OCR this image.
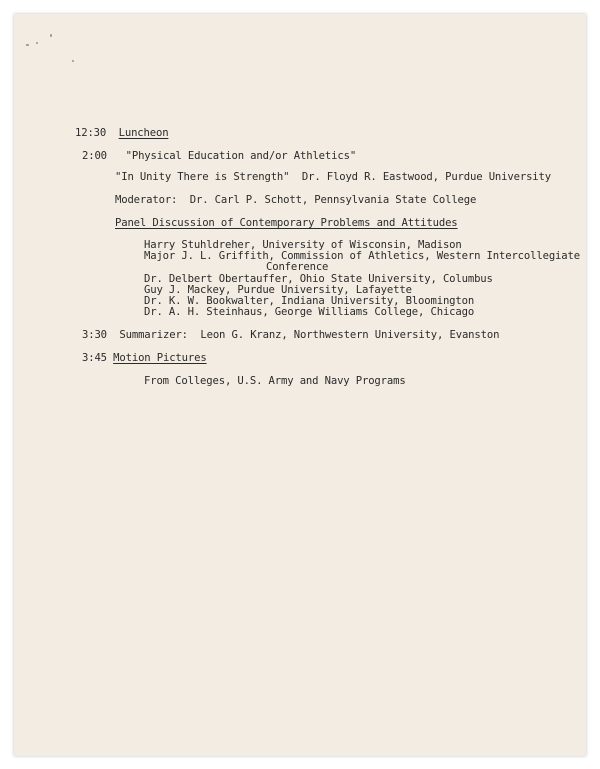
12:30 Luncheon
2:00 "Physical Education and/or Athletics"
"In Unity There is Strength" Dr. Floyd R. Eastwood, Purdue University
Moderator: Dr. Carl P. Schott, Pennsylvania State College
Panel Discussion of Contemporary Problems and Attitudes
Harry Stuhldreher, University of Wisconsin, Madison
Major J. L. Griffith, Commission of Athletics, Western Intercollegiate
Conference
Dr. Delbert Obertauffer, Ohio State University, Columbus
Guy J. Mackey, Purdue University, Lafayette
Dr. K. W. Bookwalter, Indiana University, Bloomington
Dr. A. H. Steinhaus, George Williams College, Chicago
3:30 Summarizer: Leon G. Kranz, Northwestern University, Evanston
3:45 Motion Pictures
From Colleges, U.S. Army and Navy Programs
